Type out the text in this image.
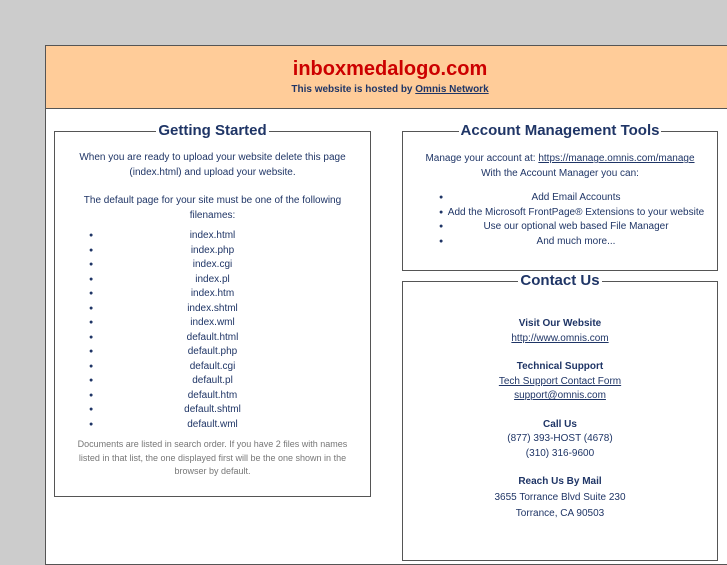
inboxmedalogo.com
This website is hosted by Omnis Network
Getting Started

When you are ready to upload your website delete this page (index.html) and upload your website.

The default page for your site must be one of the following filenames:

●	index.html
●	index.php
●	index.cgi
●	index.pl
●	index.htm
●	index.shtml
●	index.wml
●	default.html
●	default.php
●	default.cgi
●	default.pl
●	default.htm
●	default.shtml
●	default.wml

Documents are listed in search order. If you have 2 files with names listed in that list, the one displayed first will be the one shown in the browser by default.

Account Management Tools

Manage your account at: https://manage.omnis.com/manage

With the Account Manager you can:

●	Add Email Accounts
● Add the Microsoft FrontPage® Extensions to your website
●	Use our optional web based File Manager
●	And much more...
Contact Us

Visit Our Website

http://www.omnis.com

Technical Support

Tech Support Contact Form

support@omnis.com

Call Us

(877) 393-HOST (4678)

(310) 316-9600

Reach Us By Mail

3655 Torrance Blvd Suite 230

Torrance, CA 90503
